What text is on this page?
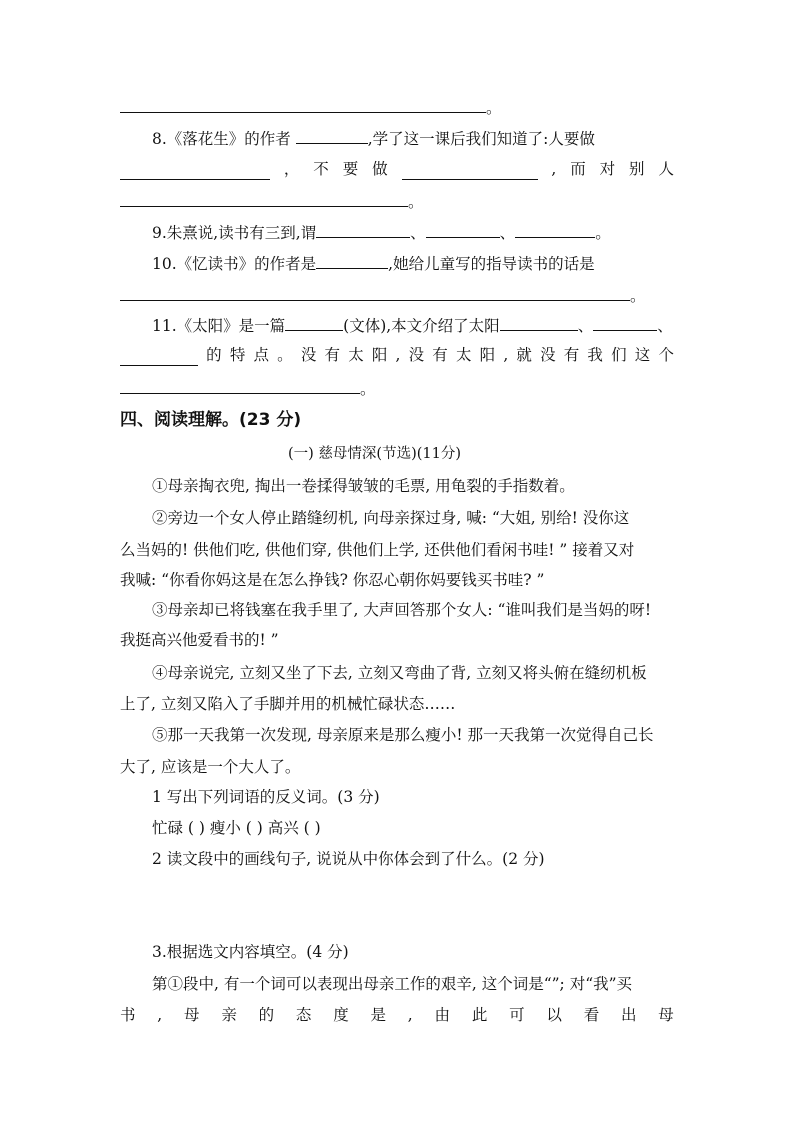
。
8.《落花生》的作者	,学了这一课后我们知道了:人要做
， 不 要 做	, 而 对 别 人
。
9.朱熹说,读书有三到,谓	、	、	。
10.《忆读书》的作者是	,她给儿童写的指导读书的话是
。
11.《太阳》是一篇	(文体),本文介绍了太阳	、	、
的 特 点 。 没 有 太 阳 , 没 有 太 阳 , 就 没 有 我 们 这 个
。
四、阅读理解。(23 分)
(一) 慈母情深(节选)(11分)
①母亲掏衣兜, 掏出一卷揉得皱皱的毛票, 用龟裂的手指数着。
②旁边一个女人停止踏缝纫机, 向母亲探过身, 喊: “大姐, 别给! 没你这
么当妈的! 供他们吃, 供他们穿, 供他们上学, 还供他们看闲书哇! ” 接着又对
我喊: “你看你妈这是在怎么挣钱? 你忍心朝你妈要钱买书哇? ”
③母亲却已将钱塞在我手里了, 大声回答那个女人: “谁叫我们是当妈的呀!
我挺高兴他爱看书的! ”
④母亲说完, 立刻又坐了下去, 立刻又弯曲了背, 立刻又将头俯在缝纫机板
上了, 立刻又陷入了手脚并用的机械忙碌状态……
⑤那一天我第一次发现, 母亲原来是那么瘦小! 那一天我第一次觉得自己长
大了, 应该是一个大人了。
1 写出下列词语的反义词。(3 分)
忙碌 ( ) 瘦小 ( ) 高兴 ( )
2 读文段中的画线句子, 说说从中你体会到了什么。(2 分)
3.根据选文内容填空。(4 分)
第①段中, 有一个词可以表现出母亲工作的艰辛, 这个词是“”; 对“我”买
书 , 母 亲 的 态 度 是 , 由 此 可 以 看 出 母
